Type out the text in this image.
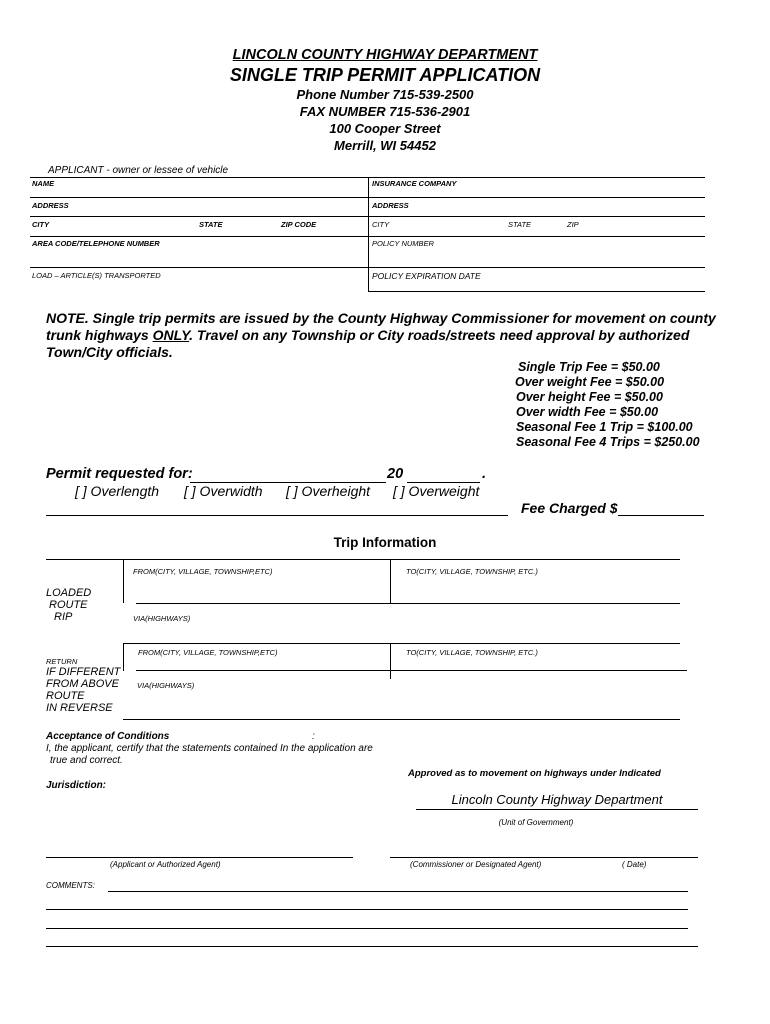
LINCOLN COUNTY HIGHWAY DEPARTMENT
SINGLE TRIP PERMIT APPLICATION
Phone Number 715-539-2500
FAX NUMBER 715-536-2901
100 Cooper Street
Merrill, WI 54452
APPLICANT - owner or lessee of vehicle
NAME	INSURANCE COMPANY
ADDRESS	ADDRESS
CITY	STATE	ZIP CODE	CITY	STATE	ZIP
AREA CODE/TELEPHONE NUMBER	POLICY NUMBER
LOAD – ARTICLE(S) TRANSPORTED	POLICY EXPIRATION DATE
NOTE. Single trip permits are issued by the County Highway Commissioner for movement on county trunk highways ONLY. Travel on any Township or City roads/streets need approval by authorized Town/City officials.
Single Trip Fee = $50.00
Over weight Fee = $50.00
Over height Fee = $50.00
Over width Fee = $50.00
Seasonal Fee 1 Trip = $100.00
Seasonal Fee 4 Trips = $250.00
Permit requested for:	20	.
[ ] Overlength [ ] Overwidth [ ] Overheight [ ] Overweight
Fee Charged $
Trip Information
FROM(CITY, VILLAGE, TOWNSHIP,ETC)	TO(CITY, VILLAGE, TOWNSHIP, ETC.)
LOADED
ROUTE
RIP	VIA(HIGHWAYS)
FROM(CITY, VILLAGE, TOWNSHIP,ETC)	TO(CITY, VILLAGE, TOWNSHIP, ETC.)
RETURN
IF DIFFERENT
FROM ABOVE
ROUTE
IN REVERSE
VIA(HIGHWAYS)
Acceptance of Conditions	:
I, the applicant, certify that the statements contained In the application are
true and correct.
Approved as to movement on highways under Indicated
Jurisdiction:
Lincoln County Highway Department
(Unit of Government)
(Applicant or Authorized Agent)	(Commissioner or Designated Agent)	( Date)
COMMENTS:
